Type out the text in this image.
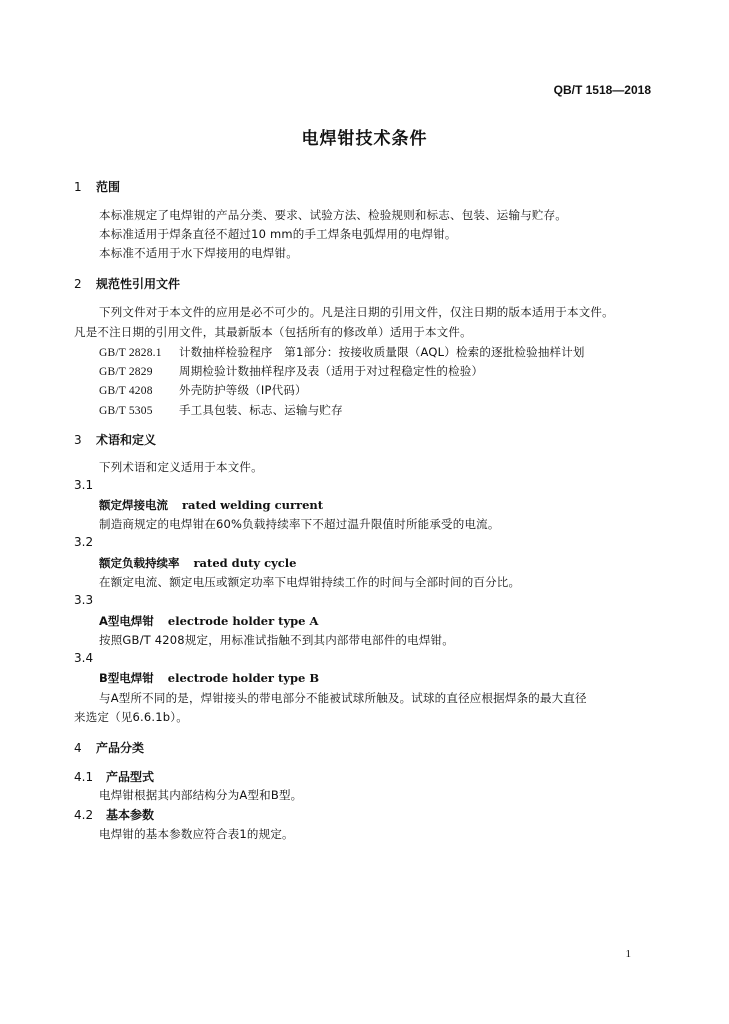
QB/T 1518—2018
电焊钳技术条件
1 范围
本标准规定了电焊钳的产品分类、要求、试验方法、检验规则和标志、包装、运输与贮存。
本标准适用于焊条直径不超过10 mm的手工焊条电弧焊用的电焊钳。
本标准不适用于水下焊接用的电焊钳。
2 规范性引用文件
下列文件对于本文件的应用是必不可少的。凡是注日期的引用文件，仅注日期的版本适用于本文件。
凡是不注日期的引用文件，其最新版本（包括所有的修改单）适用于本文件。
GB/T 2828.1 计数抽样检验程序　第1部分：按接收质量限（AQL）检索的逐批检验抽样计划
GB/T 2829 周期检验计数抽样程序及表（适用于对过程稳定性的检验）
GB/T 4208 外壳防护等级（IP代码）
GB/T 5305 手工具包装、标志、运输与贮存
3 术语和定义
下列术语和定义适用于本文件。
3.1
额定焊接电流 rated welding current
制造商规定的电焊钳在60%负载持续率下不超过温升限值时所能承受的电流。
3.2
额定负载持续率 rated duty cycle
在额定电流、额定电压或额定功率下电焊钳持续工作的时间与全部时间的百分比。
3.3
A型电焊钳 electrode holder type A
按照GB/T 4208规定，用标准试指触不到其内部带电部件的电焊钳。
3.4
B型电焊钳 electrode holder type B
与A型所不同的是，焊钳接头的带电部分不能被试球所触及。试球的直径应根据焊条的最大直径
来选定（见6.6.1b）。
4 产品分类
4.1 产品型式
电焊钳根据其内部结构分为A型和B型。
4.2 基本参数
电焊钳的基本参数应符合表1的规定。
1
